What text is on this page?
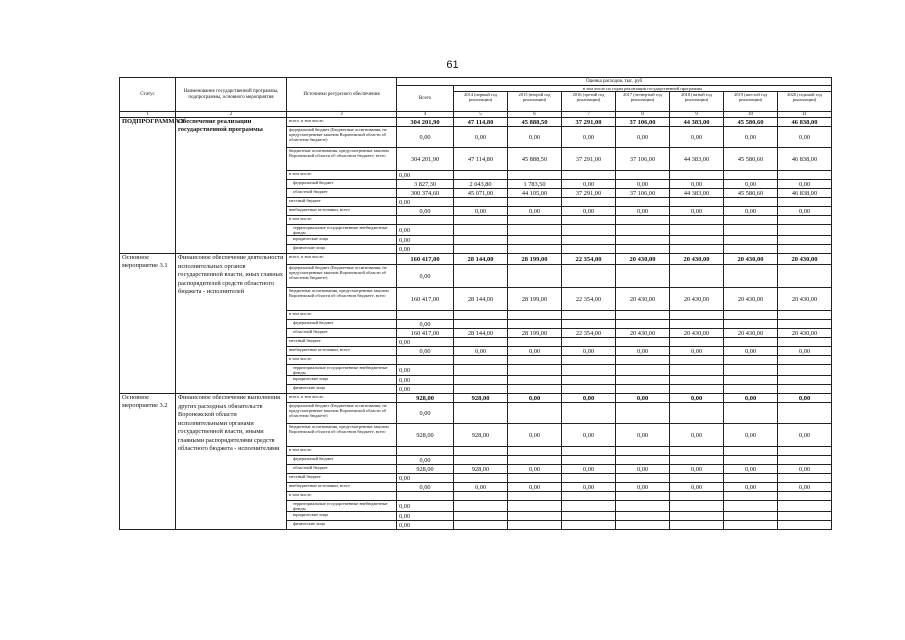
61
Статус	Наименование государственной программы, подпрограммы, основного мероприятия	Источники ресурсного обеспечения	Оценка расходов, тыс. руб							
			Всего	в том числе по годам реализации государственной программы						
				2014 (первый год реализации)	2015 (второй год реализации)	2016 (третий год реализации)	2017 (четвертый год реализации)	2018 (пятый год реализации)	2019 (шестой год реализации)	2020 (седьмой год реализации)
1	2	3	4	5	6	7	8	9	10	11
ПОДПРОГРАММА 3	Обеспечение реализации государственной программы	всего, в том числе:	304 201,90	47 114,80	45 888,50	37 291,00	37 106,00	44 383,00	45 580,60	46 838,00
		федеральный бюджет (Бюджетные ассигнования, не предусмотренные законом Воронежской области об областном бюджете)	0,00	0,00	0,00	0,00	0,00	0,00	0,00	0,00
		бюджетные ассигнования, предусмотренные законом Воронежской области об областном бюджете, всего	304 201,90	47 114,80	45 888,50	37 291,00	37 106,00	44 383,00	45 580,60	46 838,00
		в том числе:	0,00							
		федеральный бюджет	3 827,30	2 043,80	1 783,50	0,00	0,00	0,00	0,00	0,00
		областной бюджет	300 374,60	45 071,00	44 105,00	37 291,00	37 106,00	44 383,00	45 580,60	46 838,00
		местный бюджет	0,00							
		внебюджетные источники, всего	0,00	0,00	0,00	0,00	0,00	0,00	0,00	0,00
		в том числе:								
		территориальные государственные внебюджетные фонды	0,00							
		юридические лица	0,00							
		физические лица	0,00							
Основное мероприятие 3.1	Финансовое обеспечение деятельности исполнительных органов государственной власти, иных главных распорядителей средств областного бюджета - исполнителей	всего, в том числе:	160 417,00	28 144,00	28 199,00	22 354,00	20 430,00	20 430,00	20 430,00	20 430,00
		федеральный бюджет (Бюджетные ассигнования, не предусмотренные законом Воронежской области об областном бюджете)	0,00							
		бюджетные ассигнования, предусмотренные законом Воронежской области об областном бюджете, всего	160 417,00	28 144,00	28 199,00	22 354,00	20 430,00	20 430,00	20 430,00	20 430,00
		в том числе:								
		федеральный бюджет	0,00							
		областной бюджет	160 417,00	28 144,00	28 199,00	22 354,00	20 430,00	20 430,00	20 430,00	20 430,00
		местный бюджет	0,00							
		внебюджетные источники, всего	0,00	0,00	0,00	0,00	0,00	0,00	0,00	0,00
		в том числе:								
		территориальные государственные внебюджетные фонды	0,00							
		юридические лица	0,00							
		физические лица	0,00							
Основное мероприятие 3.2	Финансовое обеспечение выполнения других расходных обязательств Воронежской области исполнительными органами государственной власти, иными главными распорядителями средств областного бюджета - исполнителями	всего, в том числе:	928,00	928,00	0,00	0,00	0,00	0,00	0,00	0,00
		федеральный бюджет (Бюджетные ассигнования, не предусмотренные законом Воронежской области об областном бюджете)	0,00							
		бюджетные ассигнования, предусмотренные законом Воронежской области об областном бюджете, всего	928,00	928,00	0,00	0,00	0,00	0,00	0,00	0,00
		в том числе:								
		федеральный бюджет	0,00							
		областной бюджет	928,00	928,00	0,00	0,00	0,00	0,00	0,00	0,00
		местный бюджет	0,00							
		внебюджетные источники, всего	0,00	0,00	0,00	0,00	0,00	0,00	0,00	0,00
		в том числе:								
		территориальные государственные внебюджетные фонды	0,00							
		юридические лица	0,00							
		физические лица	0,00							
